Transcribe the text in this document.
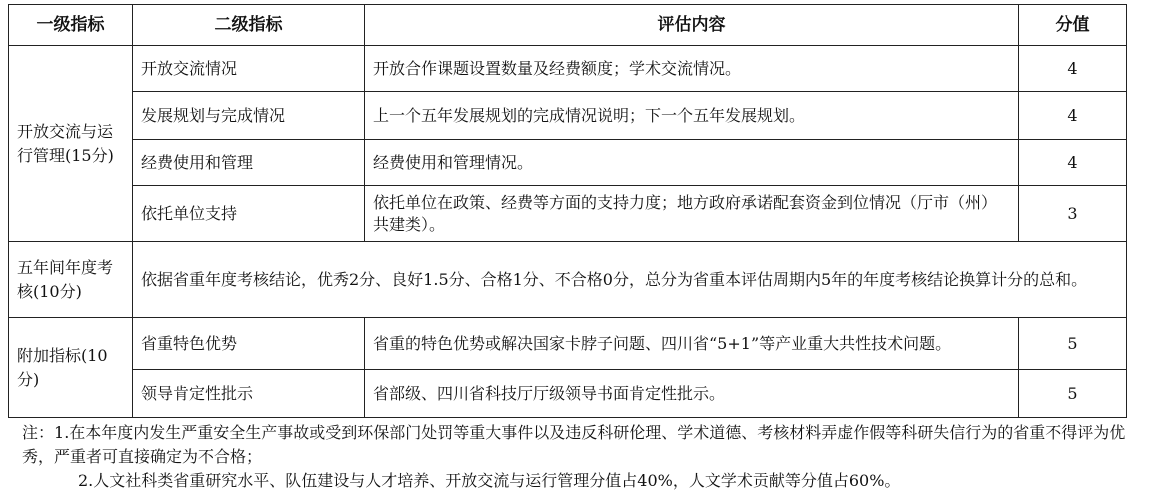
一级指标	二级指标	评估内容	分值
开放交流与运行管理(15分)	开放交流情况	开放合作课题设置数量及经费额度；学术交流情况。	4
	发展规划与完成情况	上一个五年发展规划的完成情况说明；下一个五年发展规划。	4
	经费使用和管理	经费使用和管理情况。	4
	依托单位支持	依托单位在政策、经费等方面的支持力度；地方政府承诺配套资金到位情况（厅市（州）共建类）。	3
五年间年度考核(10分)	依据省重年度考核结论，优秀2分、良好1.5分、合格1分、不合格0分，总分为省重本评估周期内5年的年度考核结论换算计分的总和。		
附加指标(10分)	省重特色优势	省重的特色优势或解决国家卡脖子问题、四川省“5+1”等产业重大共性技术问题。	5
	领导肯定性批示	省部级、四川省科技厅厅级领导书面肯定性批示。	5
注：1.在本年度内发生严重安全生产事故或受到环保部门处罚等重大事件以及违反科研伦理、学术道德、考核材料弄虚作假等科研失信行为的省重不得评为优秀，严重者可直接确定为不合格；
2.人文社科类省重研究水平、队伍建设与人才培养、开放交流与运行管理分值占40%，人文学术贡献等分值占60%。
